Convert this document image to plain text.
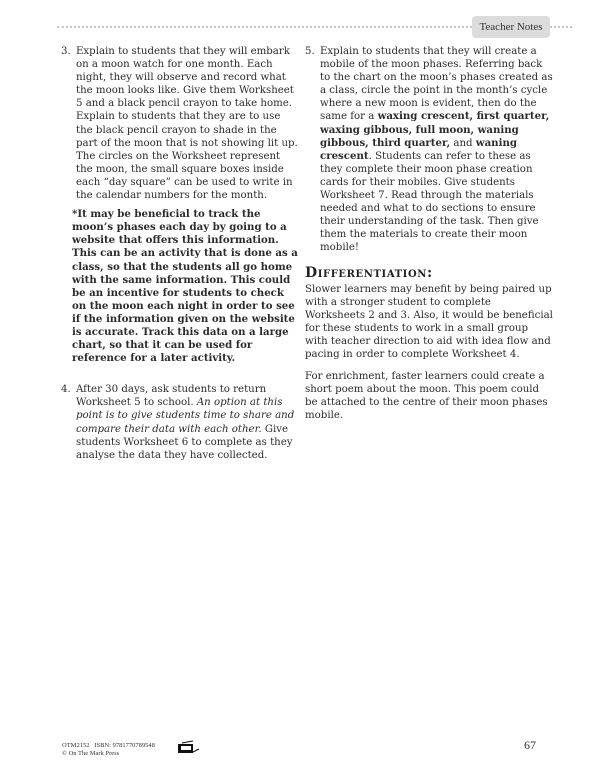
Teacher Notes
3. Explain to students that they will embark on a moon watch for one month. Each night, they will observe and record what the moon looks like. Give them Worksheet 5 and a black pencil crayon to take home. Explain to students that they are to use the black pencil crayon to shade in the part of the moon that is not showing lit up. The circles on the Worksheet represent the moon, the small square boxes inside each “day square” can be used to write in the calendar numbers for the month.
*It may be beneficial to track the moon’s phases each day by going to a website that offers this information. This can be an activity that is done as a class, so that the students all go home with the same information. This could be an incentive for students to check on the moon each night in order to see if the information given on the website is accurate. Track this data on a large chart, so that it can be used for reference for a later activity.
4. After 30 days, ask students to return Worksheet 5 to school. An option at this point is to give students time to share and compare their data with each other. Give students Worksheet 6 to complete as they analyse the data they have collected.
5. Explain to students that they will create a mobile of the moon phases. Referring back to the chart on the moon’s phases created as a class, circle the point in the month’s cycle where a new moon is evident, then do the same for a waxing crescent, first quarter, waxing gibbous, full moon, waning gibbous, third quarter, and waning crescent. Students can refer to these as they complete their moon phase creation cards for their mobiles. Give students Worksheet 7. Read through the materials needed and what to do sections to ensure their understanding of the task. Then give them the materials to create their moon mobile!
Differentiation:

Slower learners may benefit by being paired up with a stronger student to complete Worksheets 2 and 3. Also, it would be beneficial for these students to work in a small group with teacher direction to aid with idea flow and pacing in order to complete Worksheet 4.

For enrichment, faster learners could create a short poem about the moon. This poem could be attached to the centre of their moon phases mobile.

OTM2152 ISBN: 9781770789548
© On The Mark Press
67
